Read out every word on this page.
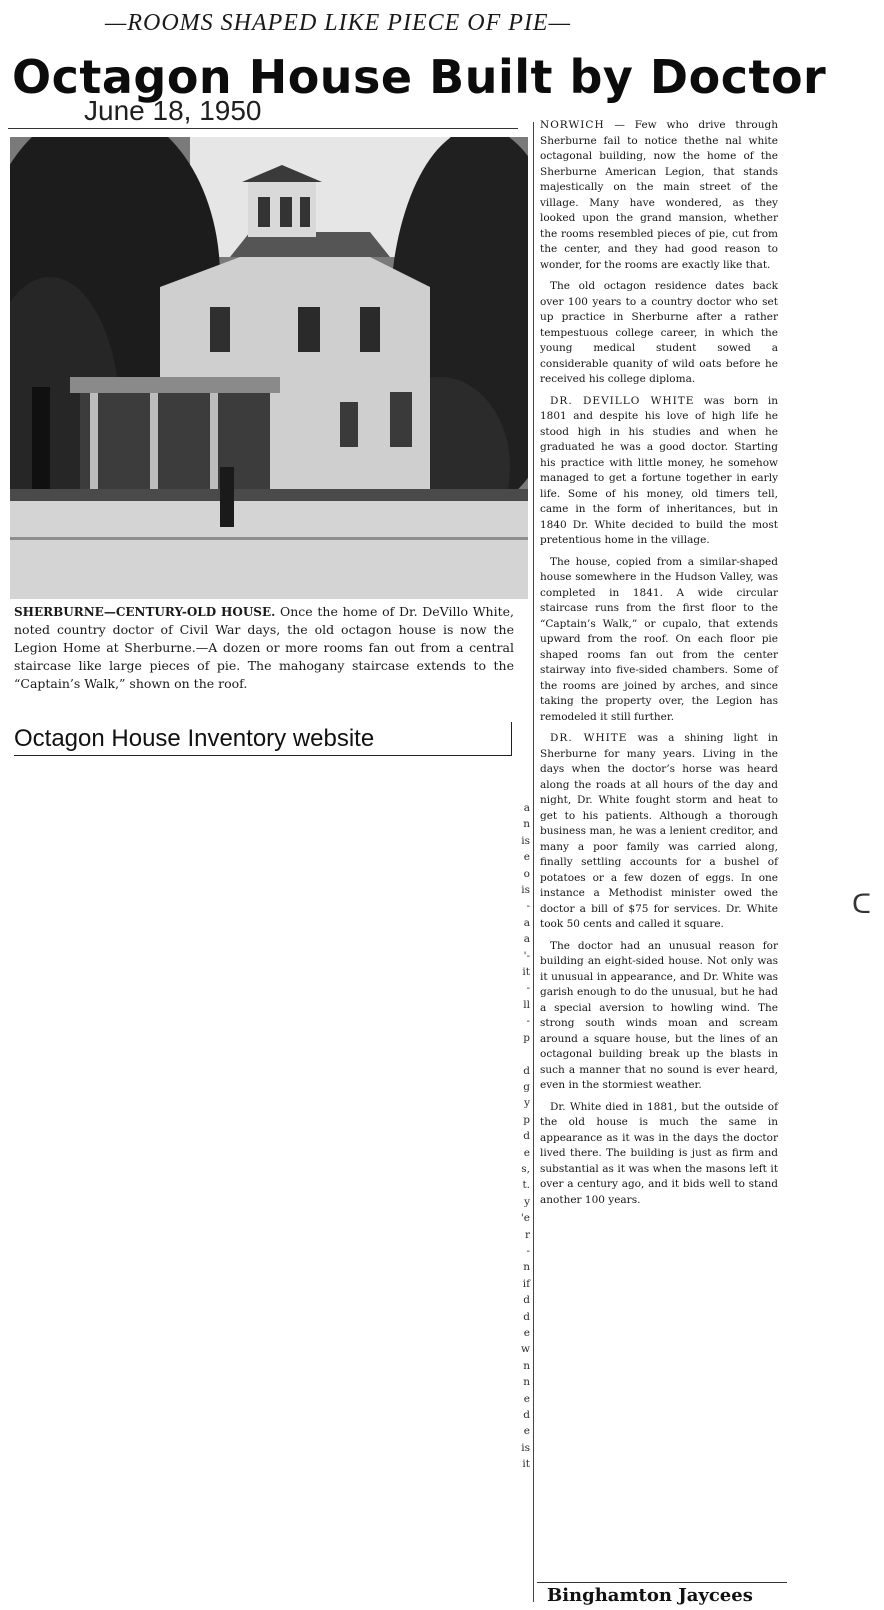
—ROOMS SHAPED LIKE PIECE OF PIE—
Octagon House Built by Doctor
June 18, 1950
SHERBURNE—CENTURY-OLD HOUSE. Once the home of Dr. DeVillo White, noted country doctor of Civil War days, the old octagon house is now the Legion Home at Sherburne.—A dozen or more rooms fan out from a central staircase like large pieces of pie. The mahogany staircase extends to the “Captain’s Walk,” shown on the roof.
Octagon House Inventory website
a
n
is
e
o
is
-
a
a
'-
it
-
ll
-
p

d
g
y
p
d
e
s,
t.
y
'e
r
-
n
if
d
d
e
w
n
n
e
d
e
is
it

NORWICH — Few who drive through Sherburne fail to notice thethe nal white octagonal building, now the home of the Sherburne American Legion, that stands majestically on the main street of the village. Many have wondered, as they looked upon the grand mansion, whether the rooms resembled pieces of pie, cut from the center, and they had good reason to wonder, for the rooms are exactly like that.

The old octagon residence dates back over 100 years to a country doctor who set up practice in Sherburne after a rather tempestuous college career, in which the young medical student sowed a considerable quanity of wild oats before he received his college diploma.

DR. DEVILLO WHITE was born in 1801 and despite his love of high life he stood high in his studies and when he graduated he was a good doctor. Starting his practice with little money, he somehow managed to get a fortune together in early life. Some of his money, old timers tell, came in the form of inheritances, but in 1840 Dr. White decided to build the most pretentious home in the village.

The house, copied from a similar-shaped house somewhere in the Hudson Valley, was completed in 1841. A wide circular staircase runs from the first floor to the “Captain’s Walk,” or cupalo, that extends upward from the roof. On each floor pie shaped rooms fan out from the center stairway into five-sided chambers. Some of the rooms are joined by arches, and since taking the property over, the Legion has remodeled it still further.

DR. WHITE was a shining light in Sherburne for many years. Living in the days when the doctor’s horse was heard along the roads at all hours of the day and night, Dr. White fought storm and heat to get to his patients. Although a thorough business man, he was a lenient creditor, and many a poor family was carried along, finally settling accounts for a bushel of potatoes or a few dozen of eggs. In one instance a Methodist minister owed the doctor a bill of $75 for services. Dr. White took 50 cents and called it square.

The doctor had an unusual reason for building an eight-sided house. Not only was it unusual in appearance, and Dr. White was garish enough to do the unusual, but he had a special aversion to howling wind. The strong south winds moan and scream around a square house, but the lines of an octagonal building break up the blasts in such a manner that no sound is ever heard, even in the stormiest weather.

Dr. White died in 1881, but the outside of the old house is much the same in appearance as it was in the days the doctor lived there. The building is just as firm and substantial as it was when the masons left it over a century ago, and it bids well to stand another 100 years.

Binghamton Jaycees
ᑕ
